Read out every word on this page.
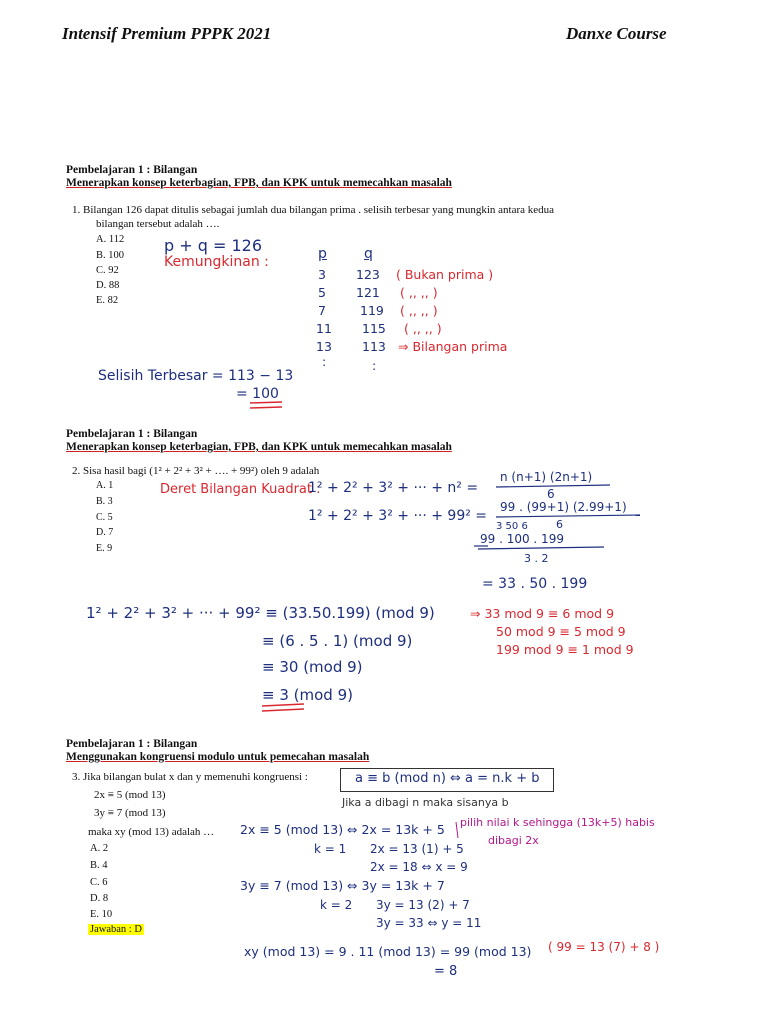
Intensif Premium PPPK 2021	Danxe Course
Pembelajaran 1 : Bilangan
Menerapkan konsep keterbagian, FPB, dan KPK untuk memecahkan masalah
1. Bilangan 126 dapat ditulis sebagai jumlah dua bilangan prima . selisih terbesar yang mungkin antara kedua
bilangan tersebut adalah ….
A. 112
B. 100
C. 92
D. 88
E. 82
p + q = 126
Kemungkinan :	p	q
3 123 ( Bukan prima )
5 121 ( ,, ,, )
7	119 ( ,, ,, )
11 115 ( ,, ,, )
13 113 ⇒ Bilangan prima
:	:
Selisih Terbesar = 113 − 13
= 100
Pembelajaran 1 : Bilangan
Menerapkan konsep keterbagian, FPB, dan KPK untuk memecahkan masalah
2. Sisa hasil bagi (1² + 2² + 3² + …. + 99²) oleh 9 adalah
A. 1
B. 3
C. 5
D. 7
E. 9
Deret Bilangan Kuadrat :
1² + 2² + 3² + ··· + n² =
n (n+1) (2n+1)
6
1² + 2² + 3² + ··· + 99² =
99 . (99+1) (2.99+1)
6
3 50 6
99 . 100 . 199
3 . 2
= 33 . 50 . 199
1² + 2² + 3² + ··· + 99² ≡ (33.50.199) (mod 9)
≡ (6 . 5 . 1) (mod 9)
≡ 30 (mod 9)
≡ 3 (mod 9)
⇒ 33 mod 9 ≡ 6 mod 9
50 mod 9 ≡ 5 mod 9
199 mod 9 ≡ 1 mod 9
Pembelajaran 1 : Bilangan
Menggunakan kongruensi modulo untuk pemecahan masalah
3. Jika bilangan bulat x dan y memenuhi kongruensi :
2x ≡ 5 (mod 13)
3y ≡ 7 (mod 13)
maka xy (mod 13) adalah …
A. 2
B. 4
C. 6
D. 8
E. 10
Jawaban : D
a ≡ b (mod n) ⇔ a = n.k + b
Jika a dibagi n maka sisanya b
pilih nilai k sehingga (13k+5) habis
dibagi 2x
2x ≡ 5 (mod 13) ⇔ 2x = 13k + 5
k = 1 2x = 13 (1) + 5
2x = 18 ⇔ x = 9
3y ≡ 7 (mod 13) ⇔ 3y = 13k + 7
k = 2 3y = 13 (2) + 7
3y = 33 ⇔ y = 11
xy (mod 13) = 9 . 11 (mod 13) = 99 (mod 13) ( 99 = 13 (7) + 8 )
= 8
